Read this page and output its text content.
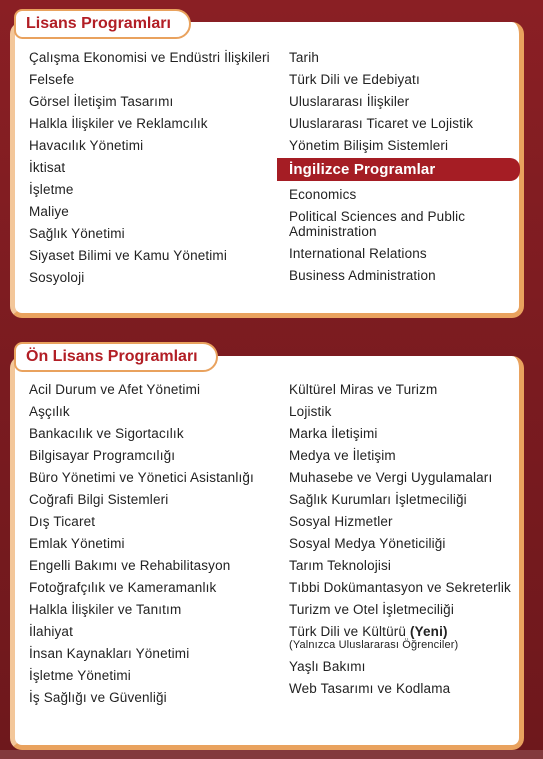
Lisans Programları
Çalışma Ekonomisi ve Endüstri İlişkileri
Felsefe
Görsel İletişim Tasarımı
Halkla İlişkiler ve Reklamcılık
Havacılık Yönetimi
İktisat
İşletme
Maliye
Sağlık Yönetimi
Siyaset Bilimi ve Kamu Yönetimi
Sosyoloji
Tarih
Türk Dili ve Edebiyatı
Uluslararası İlişkiler
Uluslararası Ticaret ve Lojistik
Yönetim Bilişim Sistemleri
İngilizce Programlar
Economics
Political Sciences and Public Administration
International Relations
Business Administration
Ön Lisans Programları
Acil Durum ve Afet Yönetimi
Aşçılık
Bankacılık ve Sigortacılık
Bilgisayar Programcılığı
Büro Yönetimi ve Yönetici Asistanlığı
Coğrafi Bilgi Sistemleri
Dış Ticaret
Emlak Yönetimi
Engelli Bakımı ve Rehabilitasyon
Fotoğrafçılık ve Kameramanlık
Halkla İlişkiler ve Tanıtım
İlahiyat
İnsan Kaynakları Yönetimi
İşletme Yönetimi
İş Sağlığı ve Güvenliği
Kültürel Miras ve Turizm
Lojistik
Marka İletişimi
Medya ve İletişim
Muhasebe ve Vergi Uygulamaları
Sağlık Kurumları İşletmeciliği
Sosyal Hizmetler
Sosyal Medya Yöneticiliği
Tarım Teknolojisi
Tıbbi Dokümantasyon ve Sekreterlik
Turizm ve Otel İşletmeciliği
Türk Dili ve Kültürü (Yeni)
(Yalnızca Uluslararası Öğrenciler)
Yaşlı Bakımı
Web Tasarımı ve Kodlama
